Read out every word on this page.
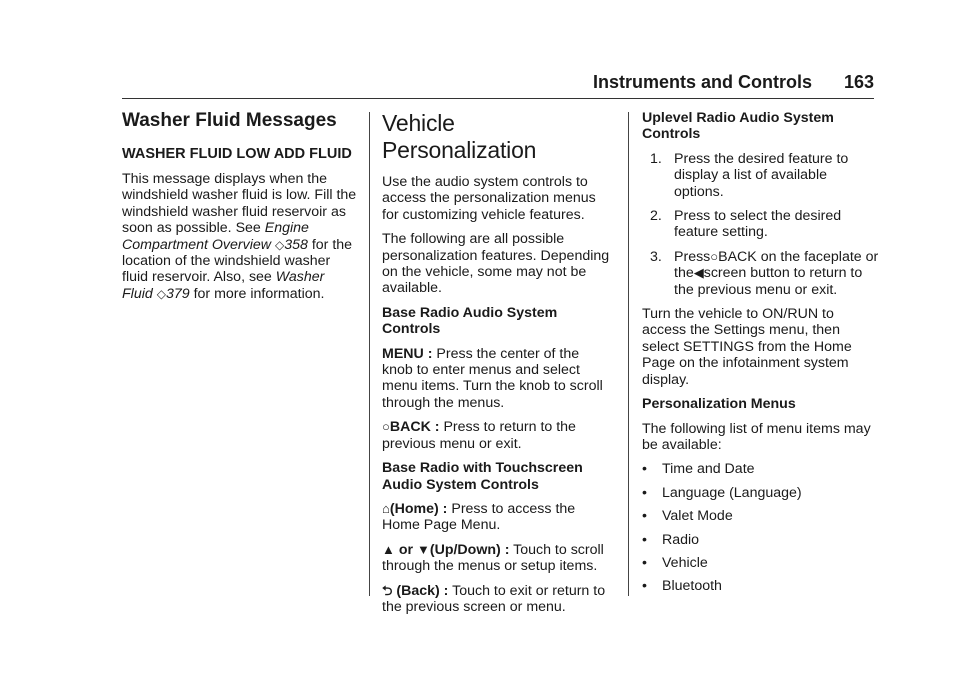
Instruments and Controls 163
Washer Fluid Messages
WASHER FLUID LOW ADD FLUID

This message displays when the windshield washer fluid is low. Fill the windshield washer fluid reservoir as soon as possible. See Engine Compartment Overview ◇358 for the location of the windshield washer fluid reservoir. Also, see Washer Fluid ◇379 for more information.

Vehicle Personalization

Use the audio system controls to access the personalization menus for customizing vehicle features.

The following are all possible personalization features. Depending on the vehicle, some may not be available.

Base Radio Audio System Controls

MENU : Press the center of the knob to enter menus and select menu items. Turn the knob to scroll through the menus.

○BACK : Press to return to the previous menu or exit.

Base Radio with Touchscreen Audio System Controls

⌂(Home) : Press to access the Home Page Menu.

▲ or ▼(Up/Down) : Touch to scroll through the menus or setup items.

⮌ (Back) : Touch to exit or return to the previous screen or menu.

Uplevel Radio Audio System Controls

1. Press the desired feature to display a list of available options.
2. Press to select the desired feature setting.
3. Press○BACK on the faceplate or the◀screen button to return to the previous menu or exit.

Turn the vehicle to ON/RUN to access the Settings menu, then select SETTINGS from the Home Page on the infotainment system display.

Personalization Menus

The following list of menu items may be available:

• Time and Date
• Language (Language)
• Valet Mode
• Radio
• Vehicle
• Bluetooth
